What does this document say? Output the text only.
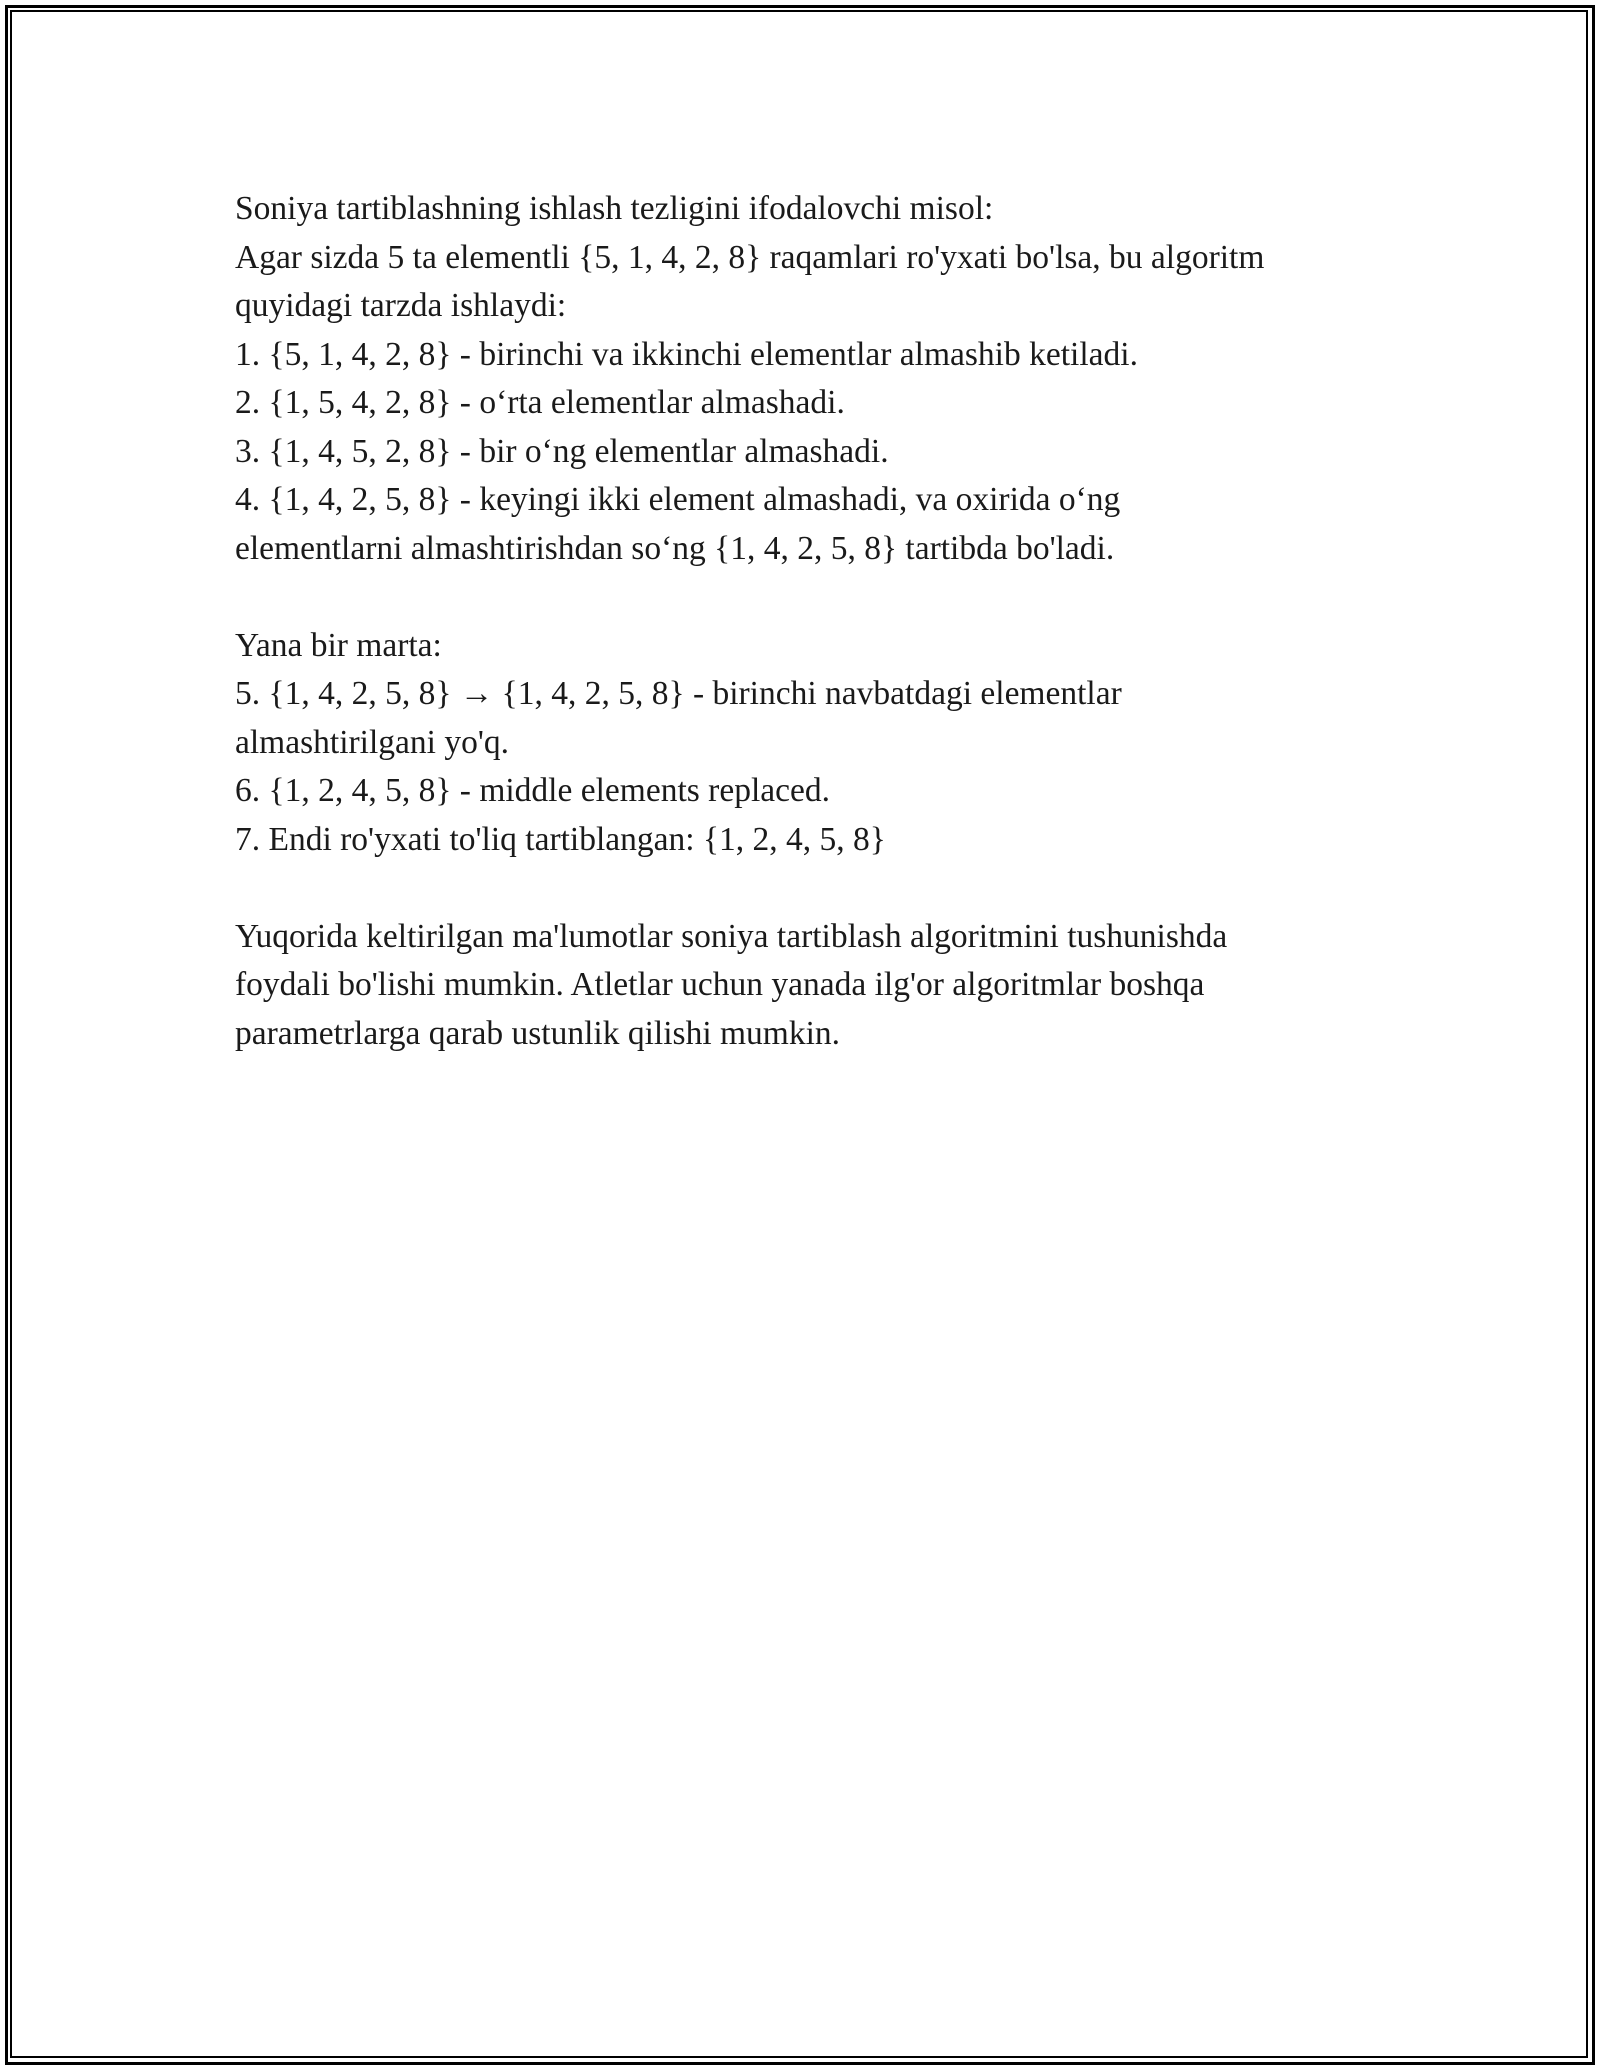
Soniya tartiblashning ishlash tezligini ifodalovchi misol:
Agar sizda 5 ta elementli {5, 1, 4, 2, 8} raqamlari ro'yxati bo'lsa, bu algoritm
quyidagi tarzda ishlaydi:
1. {5, 1, 4, 2, 8} - birinchi va ikkinchi elementlar almashib ketiladi.
2. {1, 5, 4, 2, 8} - o‘rta elementlar almashadi.
3. {1, 4, 5, 2, 8} - bir o‘ng elementlar almashadi.
4. {1, 4, 2, 5, 8} - keyingi ikki element almashadi, va oxirida o‘ng
elementlarni almashtirishdan so‘ng {1, 4, 2, 5, 8} tartibda bo'ladi.
Yana bir marta:
5. {1, 4, 2, 5, 8} → {1, 4, 2, 5, 8} - birinchi navbatdagi elementlar
almashtirilgani yo'q.
6. {1, 2, 4, 5, 8} - middle elements replaced.
7. Endi ro'yxati to'liq tartiblangan: {1, 2, 4, 5, 8}
Yuqorida keltirilgan ma'lumotlar soniya tartiblash algoritmini tushunishda
foydali bo'lishi mumkin. Atletlar uchun yanada ilg'or algoritmlar boshqa
parametrlarga qarab ustunlik qilishi mumkin.
